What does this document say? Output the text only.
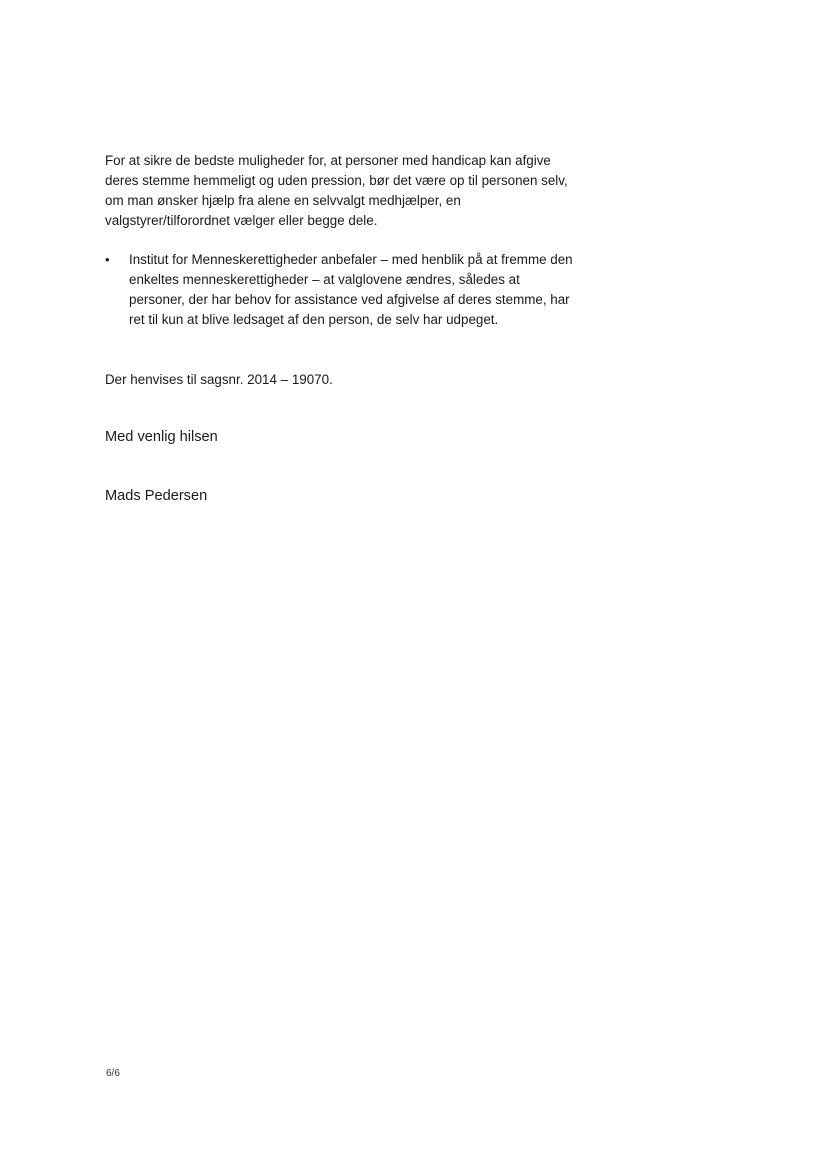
For at sikre de bedste muligheder for, at personer med handicap kan afgive deres stemme hemmeligt og uden pression, bør det være op til personen selv, om man ønsker hjælp fra alene en selvvalgt medhjælper, en valgstyrer/tilforordnet vælger eller begge dele.

•	Institut for Menneskerettigheder anbefaler – med henblik på at fremme den enkeltes menneskerettigheder – at valglovene ændres, således at personer, der har behov for assistance ved afgivelse af deres stemme, har ret til kun at blive ledsaget af den person, de selv har udpeget.

Der henvises til sagsnr. 2014 – 19070.

Med venlig hilsen
Mads Pedersen
6/6
